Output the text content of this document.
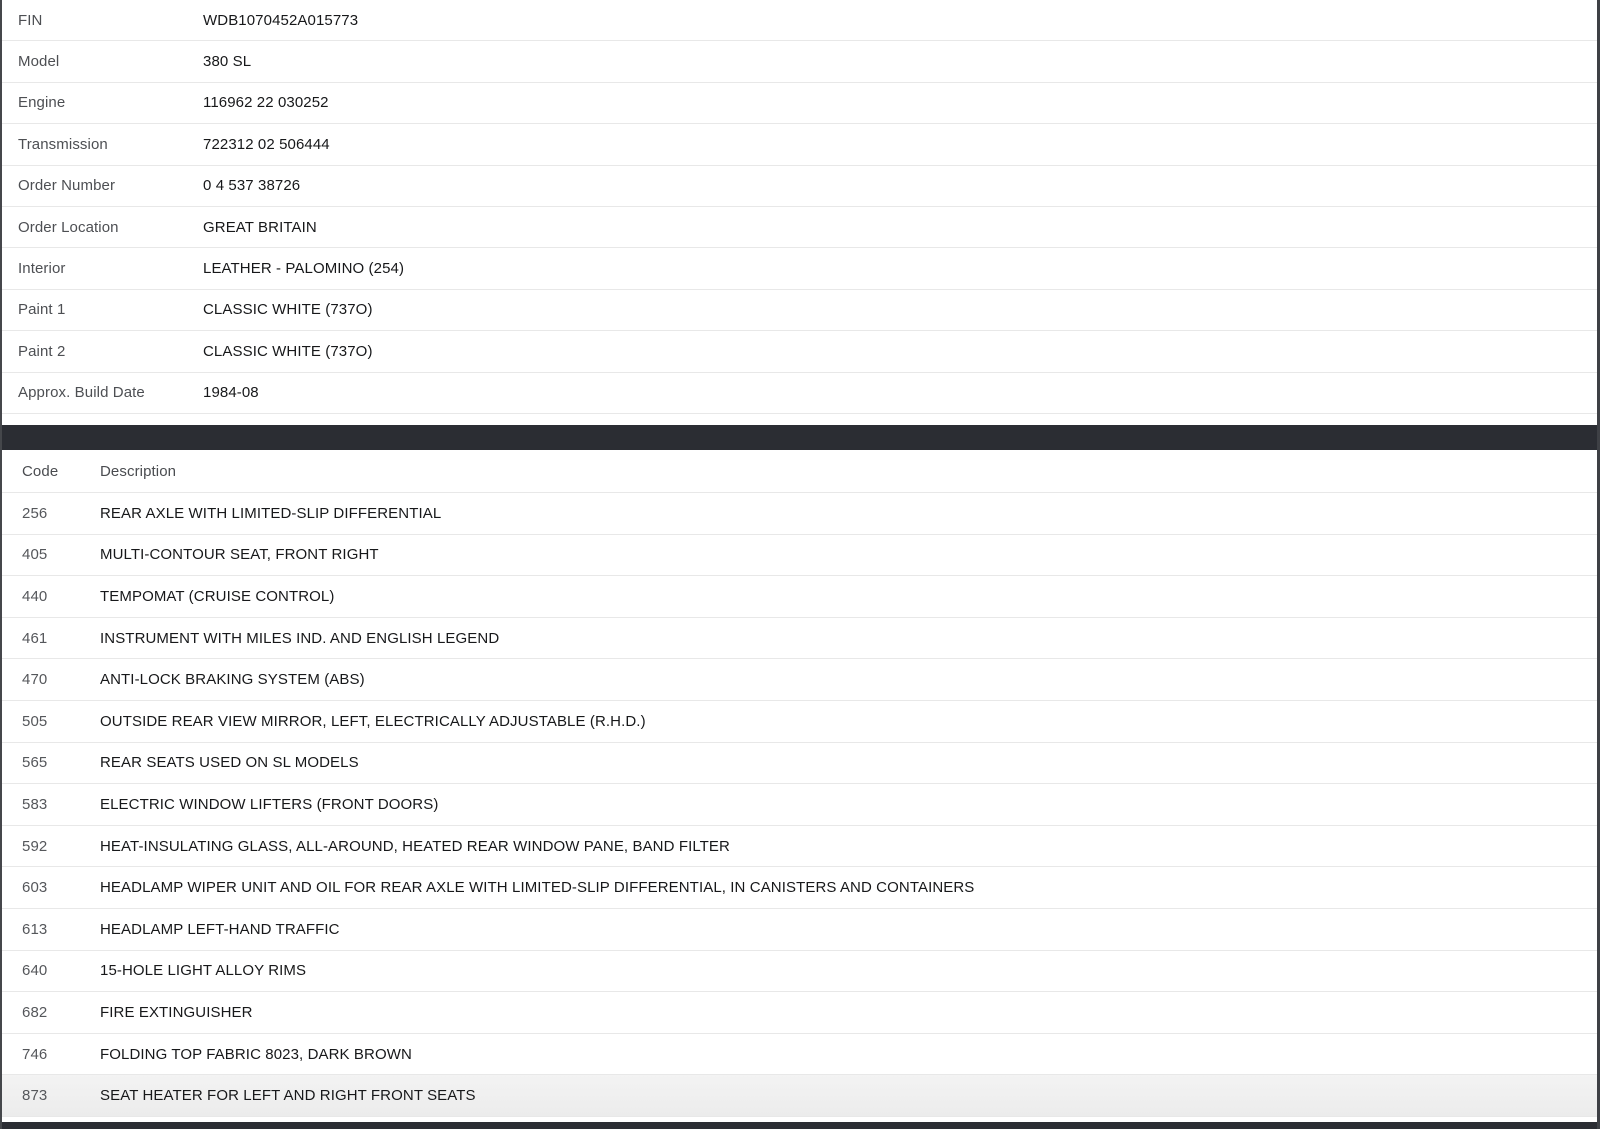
FIN	WDB1070452A015773
Model	380 SL
Engine	116962 22 030252
Transmission	722312 02 506444
Order Number	0 4 537 38726
Order Location	GREAT BRITAIN
Interior	LEATHER - PALOMINO (254)
Paint 1	CLASSIC WHITE (737O)
Paint 2	CLASSIC WHITE (737O)
Approx. Build Date	1984-08
Code	Description
256	REAR AXLE WITH LIMITED-SLIP DIFFERENTIAL
405	MULTI-CONTOUR SEAT, FRONT RIGHT
440	TEMPOMAT (CRUISE CONTROL)
461	INSTRUMENT WITH MILES IND. AND ENGLISH LEGEND
470	ANTI-LOCK BRAKING SYSTEM (ABS)
505	OUTSIDE REAR VIEW MIRROR, LEFT, ELECTRICALLY ADJUSTABLE (R.H.D.)
565	REAR SEATS USED ON SL MODELS
583	ELECTRIC WINDOW LIFTERS (FRONT DOORS)
592	HEAT-INSULATING GLASS, ALL-AROUND, HEATED REAR WINDOW PANE, BAND FILTER
603	HEADLAMP WIPER UNIT AND OIL FOR REAR AXLE WITH LIMITED-SLIP DIFFERENTIAL, IN CANISTERS AND CONTAINERS
613	HEADLAMP LEFT-HAND TRAFFIC
640	15-HOLE LIGHT ALLOY RIMS
682	FIRE EXTINGUISHER
746	FOLDING TOP FABRIC 8023, DARK BROWN
873	SEAT HEATER FOR LEFT AND RIGHT FRONT SEATS
